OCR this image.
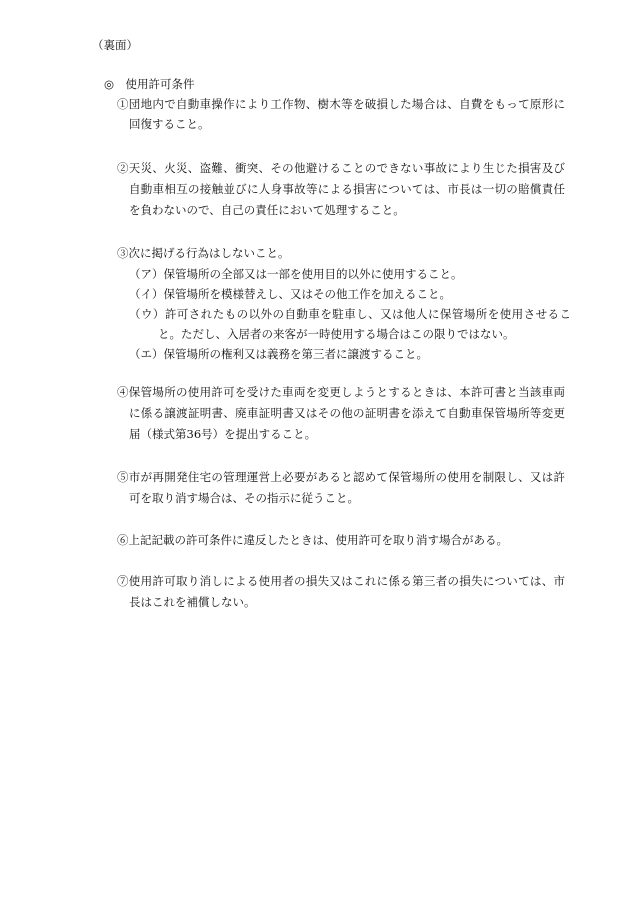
（裏面）
◎　使用許可条件
①団地内で自動車操作により工作物、樹木等を破損した場合は、自費をもって原形に
回復すること。
②天災、火災、盗難、衝突、その他避けることのできない事故により生じた損害及び
自動車相互の接触並びに人身事故等による損害については、市長は一切の賠償責任
を負わないので、自己の責任において処理すること。
③次に掲げる行為はしないこと。
（ア）保管場所の全部又は一部を使用目的以外に使用すること。
（イ）保管場所を模様替えし、又はその他工作を加えること。
（ウ）許可されたもの以外の自動車を駐車し、又は他人に保管場所を使用させるこ
と。ただし、入居者の来客が一時使用する場合はこの限りではない。
（エ）保管場所の権利又は義務を第三者に譲渡すること。
④保管場所の使用許可を受けた車両を変更しようとするときは、本許可書と当該車両
に係る譲渡証明書、廃車証明書又はその他の証明書を添えて自動車保管場所等変更
届（様式第36号）を提出すること。
⑤市が再開発住宅の管理運営上必要があると認めて保管場所の使用を制限し、又は許
可を取り消す場合は、その指示に従うこと。
⑥上記記載の許可条件に違反したときは、使用許可を取り消す場合がある。
⑦使用許可取り消しによる使用者の損失又はこれに係る第三者の損失については、市
長はこれを補償しない。
